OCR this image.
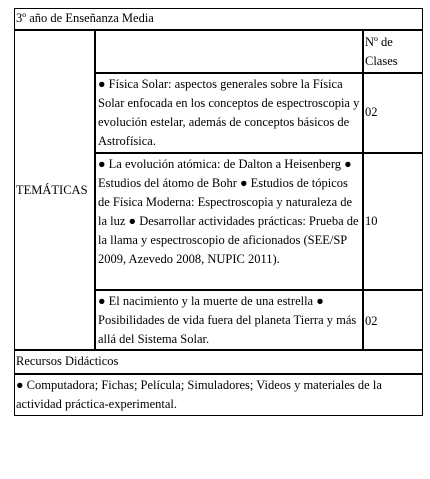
3º año de Enseñanza Media
TEMÁTICAS
Nº de Clases
● Física Solar: aspectos generales sobre la Física Solar enfocada en los conceptos de espectroscopia y evolución estelar, además de conceptos básicos de Astrofísica.
02
● La evolución atómica: de Dalton a Heisenberg ● Estudios del átomo de Bohr ● Estudios de tópicos de Física Moderna: Espectroscopia y naturaleza de la luz ● Desarrollar actividades prácticas: Prueba de la llama y espectroscopio de aficionados (SEE/SP 2009, Azevedo 2008, NUPIC 2011).
10
● El nacimiento y la muerte de una estrella ● Posibilidades de vida fuera del planeta Tierra y más allá del Sistema Solar.
02
Recursos Didácticos
● Computadora; Fichas; Película; Simuladores; Videos y materiales de la actividad práctica-experimental.
